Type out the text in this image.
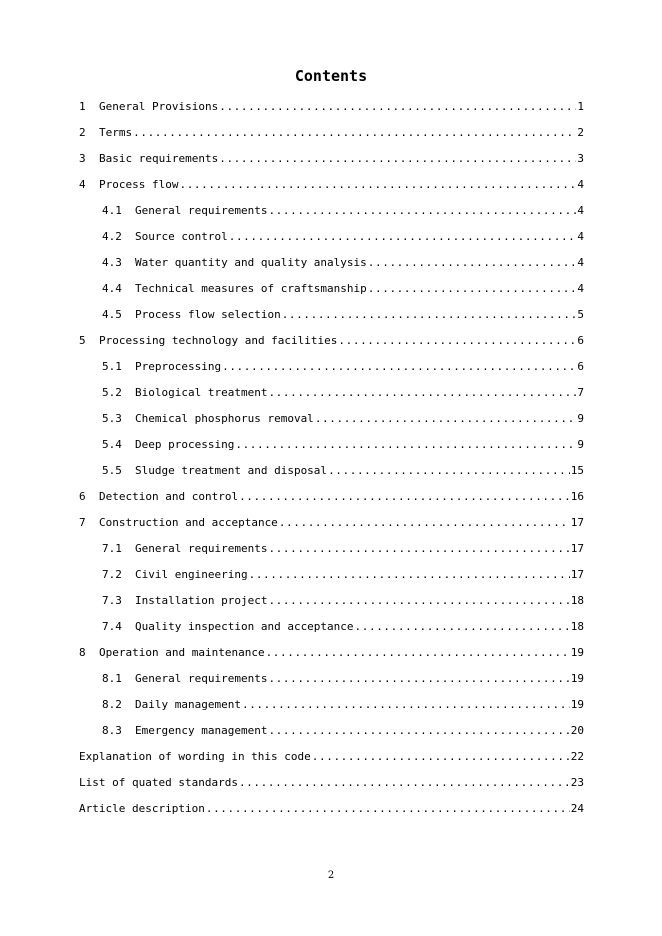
Contents
1	General Provisions .....	1
2	Terms .....	2
3	Basic requirements .....	3
4	Process flow .....	4
4.1	General requirements .....	4
4.2	Source control .....	4
4.3	Water quantity and quality analysis .....	4
4.4	Technical measures of craftsmanship .....	4
4.5	Process flow selection .....	5
5	Processing technology and facilities .....	6
5.1	Preprocessing .....	6
5.2	Biological treatment .....	7
5.3	Chemical phosphorus removal .....	9
5.4	Deep processing .....	9
5.5	Sludge treatment and disposal .....	15
6	Detection and control .....	16
7	Construction and acceptance .....	17
7.1	General requirements .....	17
7.2	Civil engineering .....	17
7.3	Installation project .....	18
7.4	Quality inspection and acceptance .....	18
8	Operation and maintenance .....	19
8.1	General requirements .....	19
8.2	Daily management .....	19
8.3	Emergency management .....	20
Explanation of wording in this code .....	22
List of quated standards .....	23
Article description .....	24
2
